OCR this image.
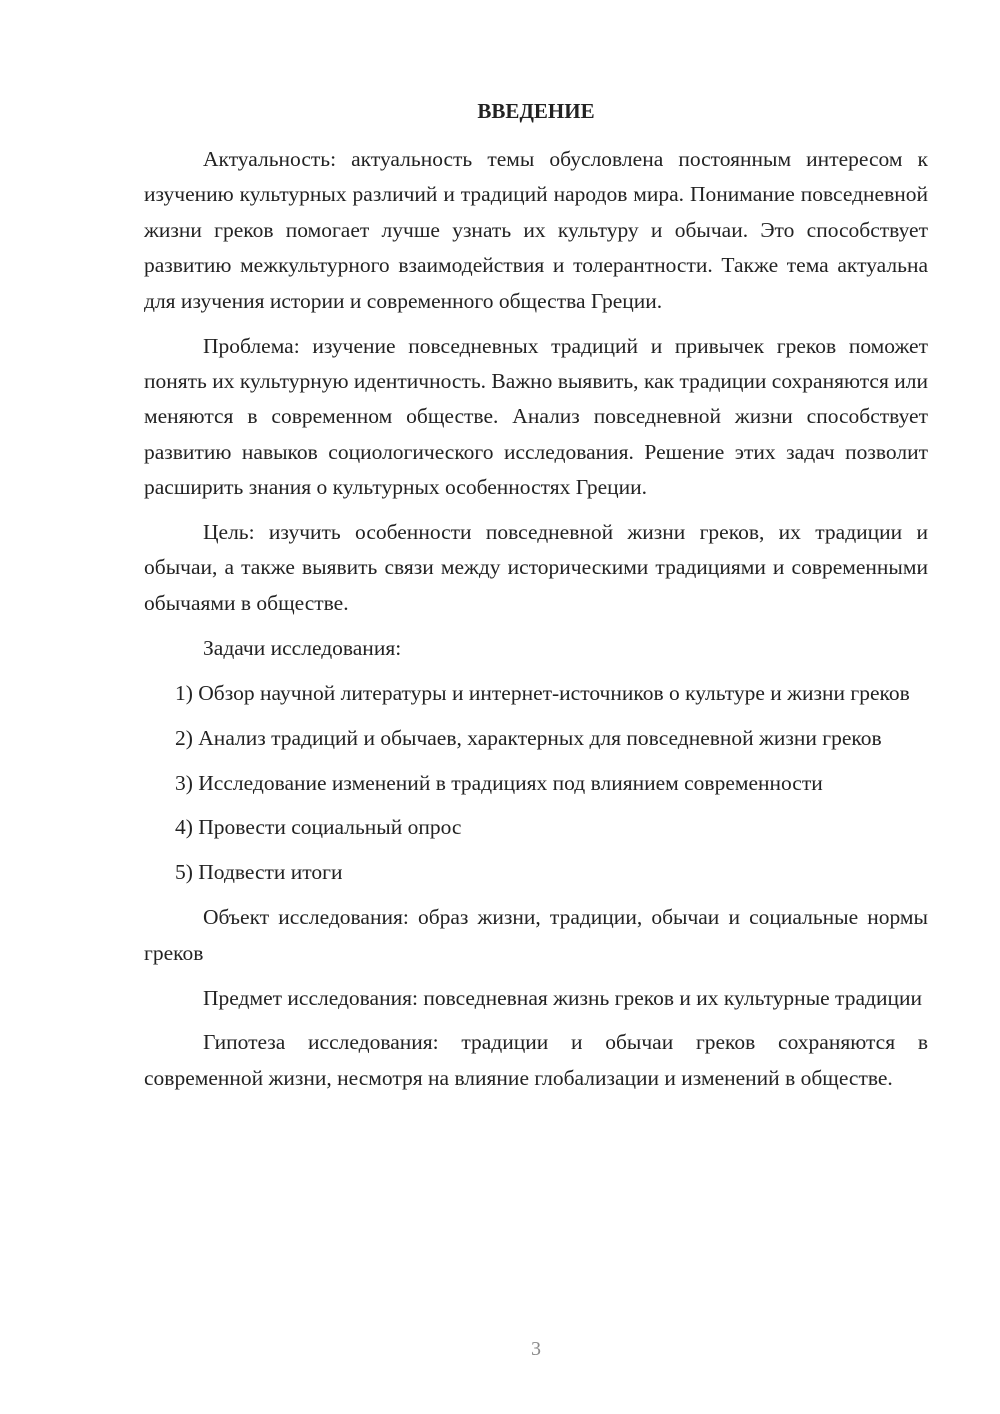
ВВЕДЕНИЕ

Актуальность: актуальность темы обусловлена постоянным интересом к изучению культурных различий и традиций народов мира. Понимание повседневной жизни греков помогает лучше узнать их культуру и обычаи. Это способствует развитию межкультурного взаимодействия и толерантности. Также тема актуальна для изучения истории и современного общества Греции.

Проблема: изучение повседневных традиций и привычек греков поможет понять их культурную идентичность. Важно выявить, как традиции сохраняются или меняются в современном обществе. Анализ повседневной жизни способствует развитию навыков социологического исследования. Решение этих задач позволит расширить знания о культурных особенностях Греции.

Цель: изучить особенности повседневной жизни греков, их традиции и обычаи, а также выявить связи между историческими традициями и современными обычаями в обществе.

Задачи исследования:

1) Обзор научной литературы и интернет-источников о культуре и жизни греков

2) Анализ традиций и обычаев, характерных для повседневной жизни греков

3) Исследование изменений в традициях под влиянием современности

4) Провести социальный опрос

5) Подвести итоги

Объект исследования: образ жизни, традиции, обычаи и социальные нормы греков

Предмет исследования: повседневная жизнь греков и их культурные традиции

Гипотеза исследования: традиции и обычаи греков сохраняются в современной жизни, несмотря на влияние глобализации и изменений в обществе.

3
